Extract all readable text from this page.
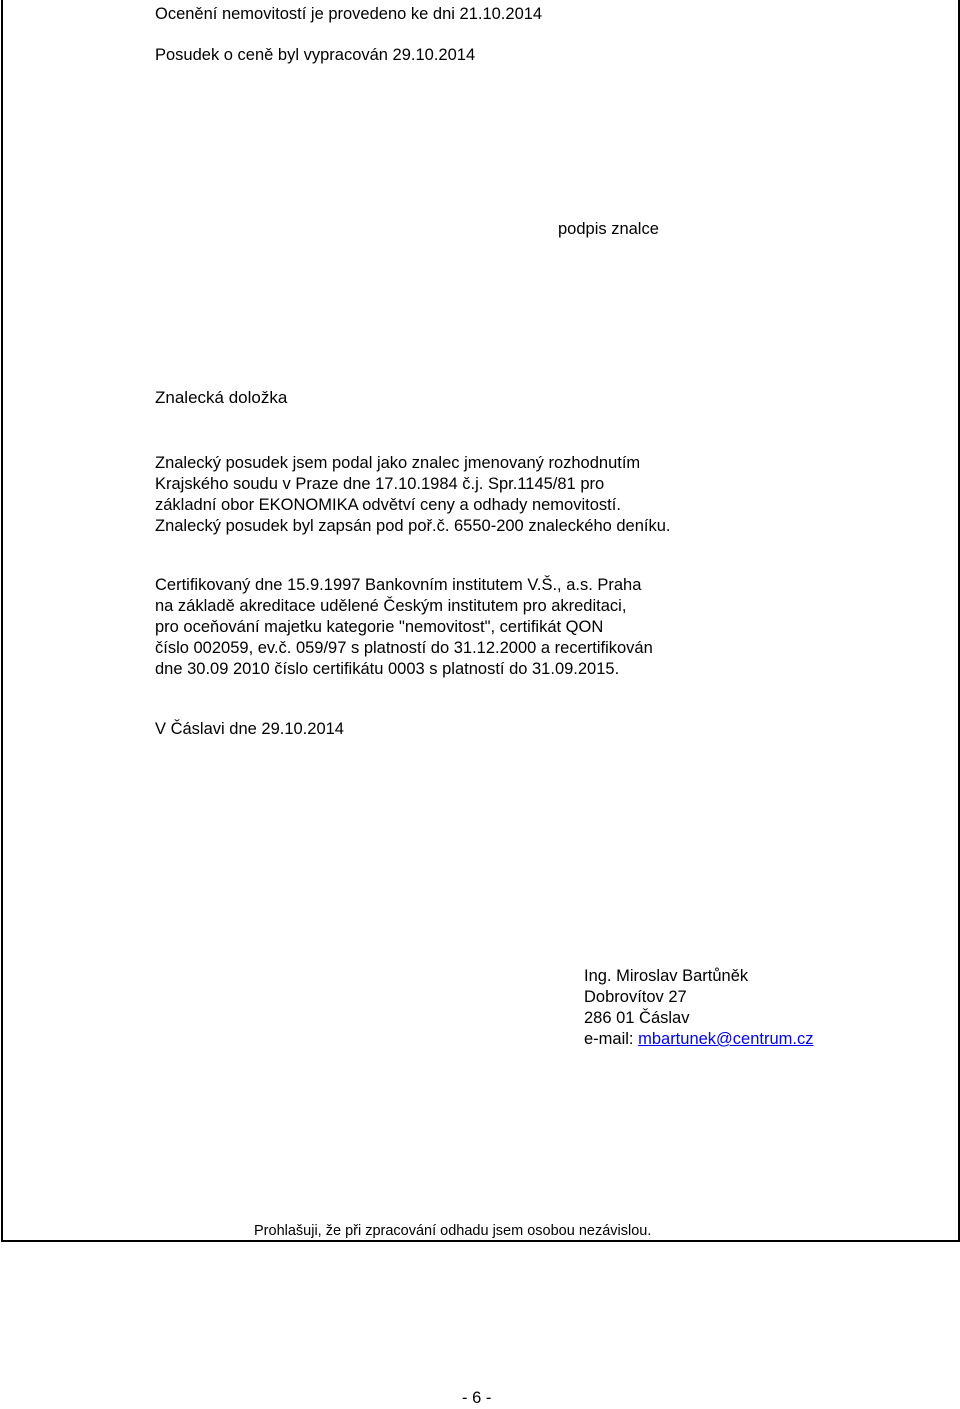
Ocenění nemovitostí je provedeno ke dni 21.10.2014

Posudek o ceně byl vypracován 29.10.2014

podpis znalce

Znalecká doložka

Znalecký posudek jsem podal jako znalec jmenovaný rozhodnutím

Krajského soudu v Praze dne 17.10.1984 č.j. Spr.1145/81 pro

základní obor EKONOMIKA odvětví ceny a odhady nemovitostí.

Znalecký posudek byl zapsán pod poř.č. 6550-200 znaleckého deníku.

Certifikovaný dne 15.9.1997 Bankovním institutem V.Š., a.s. Praha

na základě akreditace udělené Českým institutem pro akreditaci,

pro oceňování majetku kategorie "nemovitost", certifikát QON

číslo 002059, ev.č. 059/97 s platností do 31.12.2000 a recertifikován

dne 30.09 2010 číslo certifikátu 0003 s platností do 31.09.2015.

V Čáslavi dne 29.10.2014

Ing. Miroslav Bartůněk

Dobrovítov 27

286 01 Čáslav

e-mail: mbartunek@centrum.cz

Prohlašuji, že při zpracování odhadu jsem osobou nezávislou.

- 6 -
